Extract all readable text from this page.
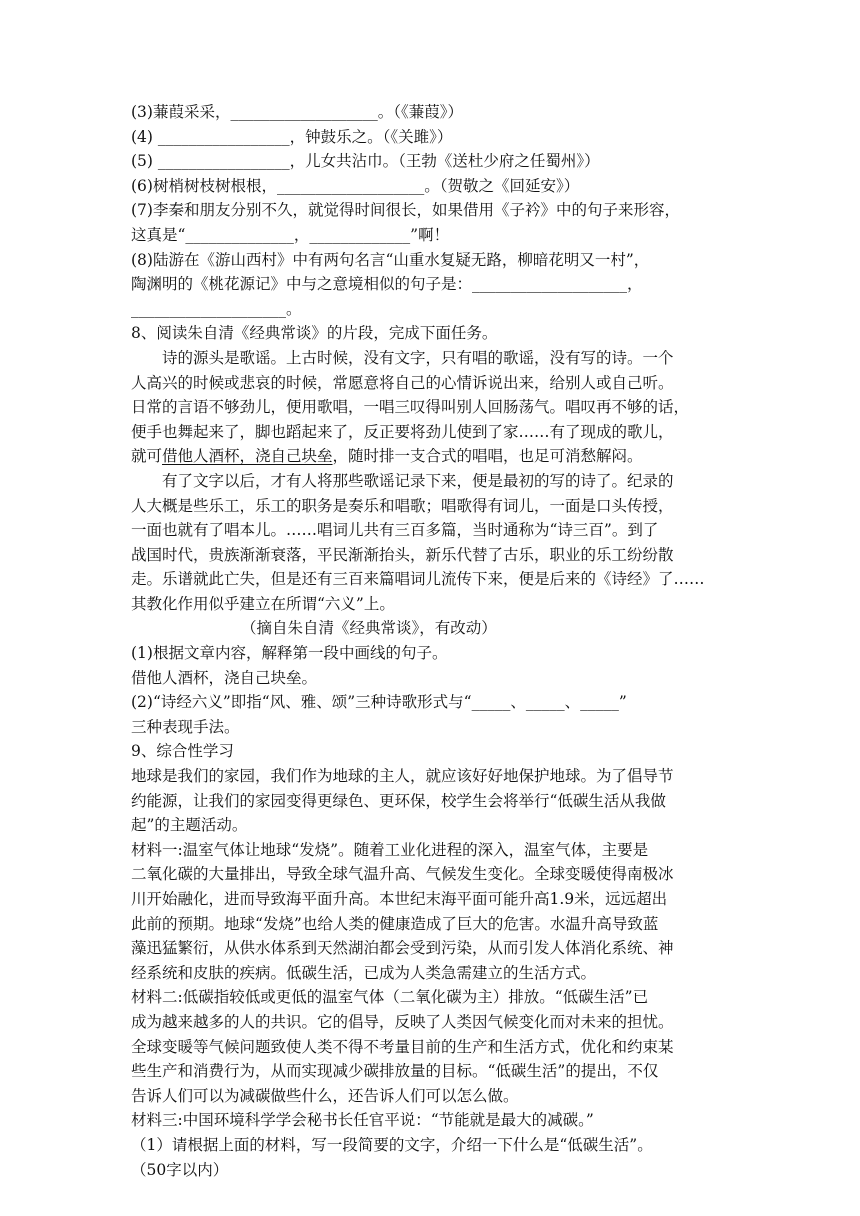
(3)蒹葭采采，___________________。（《蒹葭》）
(4) _________________，钟鼓乐之。（《关雎》）
(5) _________________，儿女共沾巾。（王勃《送杜少府之任蜀州》）
(6)树梢树枝树根根，___________________。（贺敬之《回延安》）
(7)李秦和朋友分别不久，就觉得时间很长，如果借用《子衿》中的句子来形容，
这真是“______________，_____________”啊！
(8)陆游在《游山西村》中有两句名言“山重水复疑无路，柳暗花明又一村”，
陶渊明的《桃花源记》中与之意境相似的句子是：____________________，
____________________。
8、阅读朱自清《经典常谈》的片段，完成下面任务。
诗的源头是歌谣。上古时候，没有文字，只有唱的歌谣，没有写的诗。一个
人高兴的时候或悲哀的时候，常愿意将自己的心情诉说出来，给别人或自己听。
日常的言语不够劲儿，便用歌唱，一唱三叹得叫别人回肠荡气。唱叹再不够的话，
便手也舞起来了，脚也蹈起来了，反正要将劲儿使到了家……有了现成的歌儿，
就可借他人酒杯，浇自己块垒，随时排一支合式的唱唱，也足可消愁解闷。
有了文字以后，才有人将那些歌谣记录下来，便是最初的写的诗了。纪录的
人大概是些乐工，乐工的职务是奏乐和唱歌；唱歌得有词儿，一面是口头传授，
一面也就有了唱本儿。……唱词儿共有三百多篇，当时通称为“诗三百”。到了
战国时代，贵族渐渐衰落，平民渐渐抬头，新乐代替了古乐，职业的乐工纷纷散
走。乐谱就此亡失，但是还有三百来篇唱词儿流传下来，便是后来的《诗经》了……
其教化作用似乎建立在所谓“六义”上。
（摘自朱自清《经典常谈》，有改动）
(1)根据文章内容，解释第一段中画线的句子。
借他人酒杯，浇自己块垒。
(2)“诗经六义”即指“风、雅、颂”三种诗歌形式与“_____、_____、_____”
三种表现手法。
9、综合性学习
地球是我们的家园，我们作为地球的主人，就应该好好地保护地球。为了倡导节
约能源，让我们的家园变得更绿色、更环保，校学生会将举行“低碳生活从我做
起”的主题活动。
材料一:温室气体让地球“发烧”。随着工业化进程的深入，温室气体，主要是
二氧化碳的大量排出，导致全球气温升高、气候发生变化。全球变暖使得南极冰
川开始融化，进而导致海平面升高。本世纪末海平面可能升高1.9米，远远超出
此前的预期。地球“发烧”也给人类的健康造成了巨大的危害。水温升高导致蓝
藻迅猛繁衍，从供水体系到天然湖泊都会受到污染，从而引发人体消化系统、神
经系统和皮肤的疾病。低碳生活，已成为人类急需建立的生活方式。
材料二:低碳指较低或更低的温室气体（二氧化碳为主）排放。“低碳生活”已
成为越来越多的人的共识。它的倡导，反映了人类因气候变化而对未来的担忧。
全球变暖等气候问题致使人类不得不考量目前的生产和生活方式，优化和约束某
些生产和消费行为，从而实现减少碳排放量的目标。“低碳生活”的提出，不仅
告诉人们可以为减碳做些什么，还告诉人们可以怎么做。
材料三:中国环境科学学会秘书长任官平说：“节能就是最大的减碳。”
（1）请根据上面的材料，写一段简要的文字，介绍一下什么是“低碳生活”。
（50字以内）
